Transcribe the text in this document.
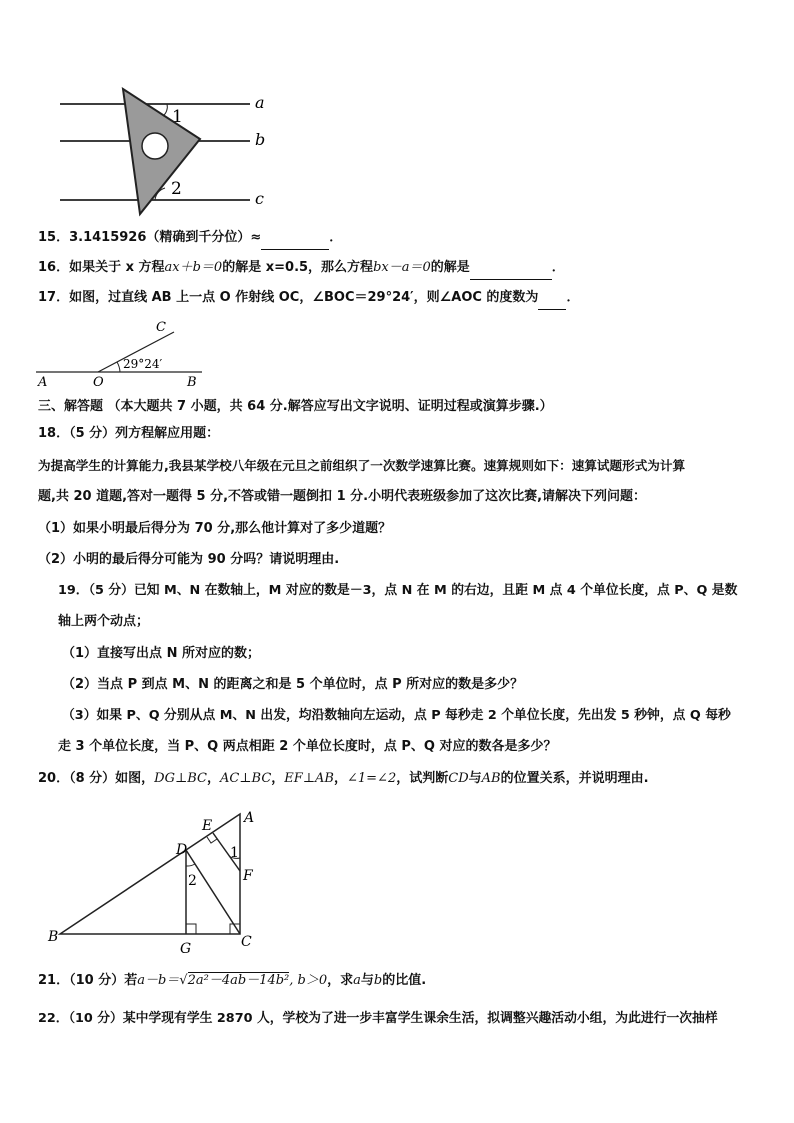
1
2
a
b
c
15．3.1415926（精确到千分位）≈	．
16．如果关于 x 方程ax＋b＝0的解是 x=0.5，那么方程bx－a＝0的解是	．
17．如图，过直线 AB 上一点 O 作射线 OC，∠BOC＝29°24′，则∠AOC 的度数为 ．
C
29°24′
A	O	B
三、解答题 （本大题共 7 小题，共 64 分.解答应写出文字说明、证明过程或演算步骤.）
18．（5 分）列方程解应用题：
为提高学生的计算能力,我县某学校八年级在元旦之前组织了一次数学速算比赛。速算规则如下：速算试题形式为计算
题,共 20 道题,答对一题得 5 分,不答或错一题倒扣 1 分.小明代表班级参加了这次比赛,请解决下列问题：
（1）如果小明最后得分为 70 分,那么他计算对了多少道题？
（2）小明的最后得分可能为 90 分吗？请说明理由.
19．（5 分）已知 M、N 在数轴上，M 对应的数是－3，点 N 在 M 的右边，且距 M 点 4 个单位长度，点 P、Q 是数
轴上两个动点；
（1）直接写出点 N 所对应的数；
（2）当点 P 到点 M、N 的距离之和是 5 个单位时，点 P 所对应的数是多少？
（3）如果 P、Q 分别从点 M、N 出发，均沿数轴向左运动，点 P 每秒走 2 个单位长度，先出发 5 秒钟，点 Q 每秒
走 3 个单位长度，当 P、Q 两点相距 2 个单位长度时，点 P、Q 对应的数各是多少？
20．（8 分）如图，DG⊥BC，AC⊥BC，EF⊥AB，∠1=∠2，试判断CD与AB的位置关系，并说明理由.
A
E
D
F
1
2
B
G	C
21．（10 分）若a－b＝√2a²－4ab－14b², b＞0，求a与b的比值.
22．（10 分）某中学现有学生 2870 人，学校为了进一步丰富学生课余生活，拟调整兴趣活动小组，为此进行一次抽样
